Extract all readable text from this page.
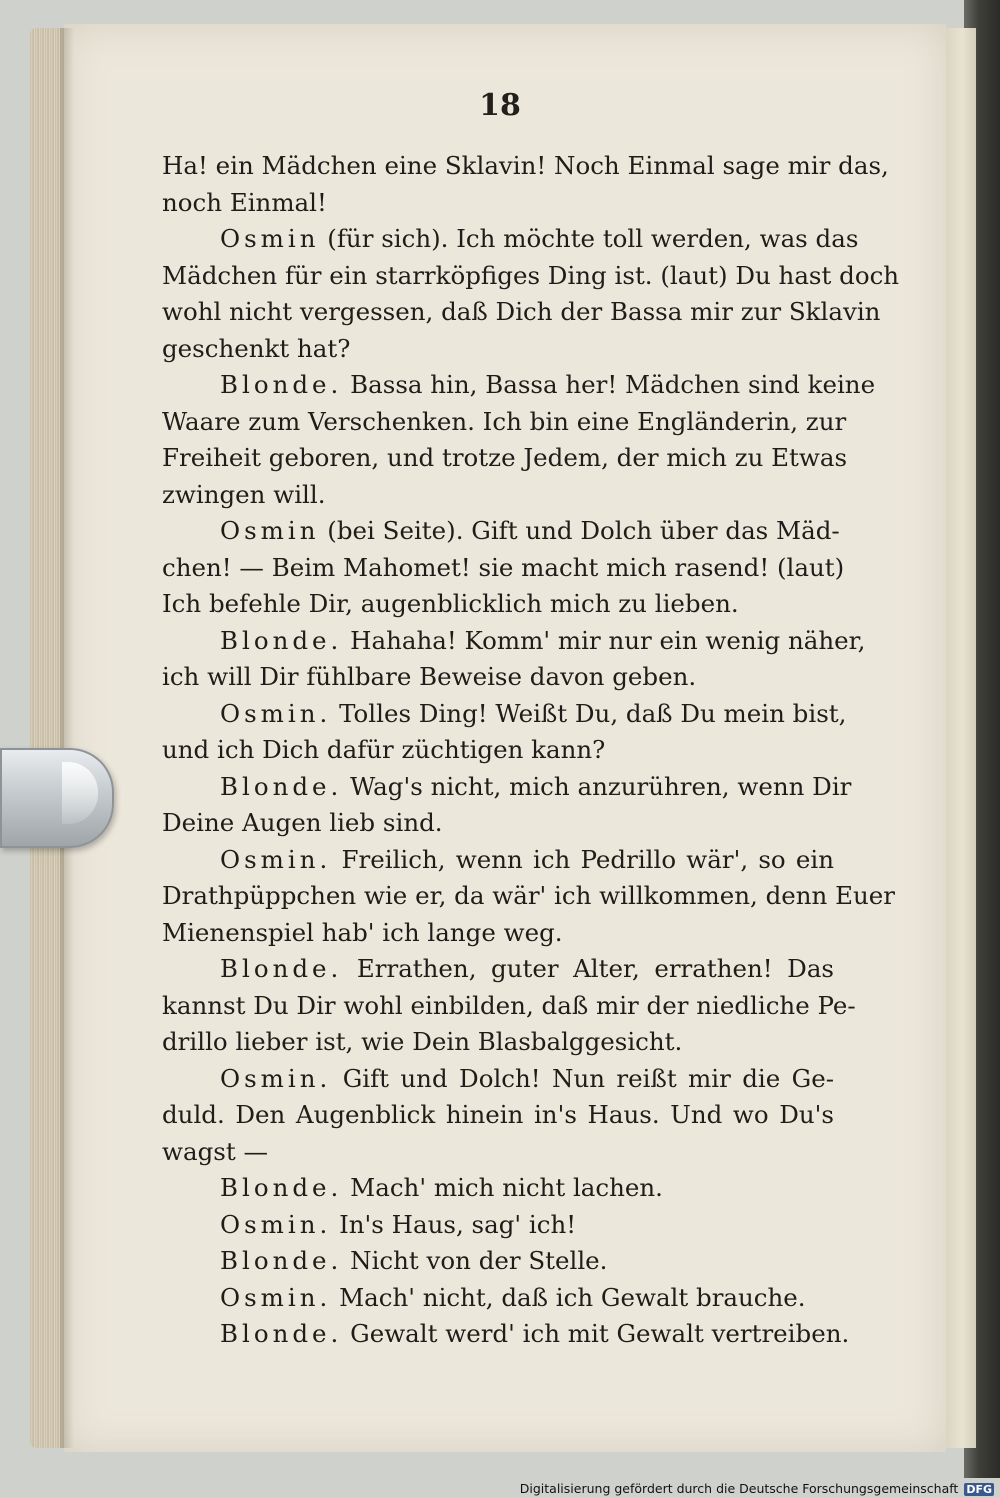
18
Ha! ein Mädchen eine Sklavin! Noch Einmal sage mir das,
noch Einmal!
Osmin (für sich). Ich möchte toll werden, was das
Mädchen für ein starrköpfiges Ding ist. (laut) Du hast doch
wohl nicht vergessen, daß Dich der Bassa mir zur Sklavin
geschenkt hat?
Blonde. Bassa hin, Bassa her! Mädchen sind keine
Waare zum Verschenken. Ich bin eine Engländerin, zur
Freiheit geboren, und trotze Jedem, der mich zu Etwas
zwingen will.
Osmin (bei Seite). Gift und Dolch über das Mäd-
chen! — Beim Mahomet! sie macht mich rasend! (laut)
Ich befehle Dir, augenblicklich mich zu lieben.
Blonde. Hahaha! Komm' mir nur ein wenig näher,
ich will Dir fühlbare Beweise davon geben.
Osmin. Tolles Ding! Weißt Du, daß Du mein bist,
und ich Dich dafür züchtigen kann?
Blonde. Wag's nicht, mich anzurühren, wenn Dir
Deine Augen lieb sind.
Osmin. Freilich, wenn ich Pedrillo wär', so ein
Drathpüppchen wie er, da wär' ich willkommen, denn Euer
Mienenspiel hab' ich lange weg.
Blonde. Errathen, guter Alter, errathen! Das
kannst Du Dir wohl einbilden, daß mir der niedliche Pe-
drillo lieber ist, wie Dein Blasbalggesicht.
Osmin. Gift und Dolch! Nun reißt mir die Ge-
duld. Den Augenblick hinein in's Haus. Und wo Du's
wagst —
Blonde. Mach' mich nicht lachen.
Osmin. In's Haus, sag' ich!
Blonde. Nicht von der Stelle.
Osmin. Mach' nicht, daß ich Gewalt brauche.
Blonde. Gewalt werd' ich mit Gewalt vertreiben.
Digitalisierung gefördert durch die Deutsche Forschungsgemeinschaft DFG
